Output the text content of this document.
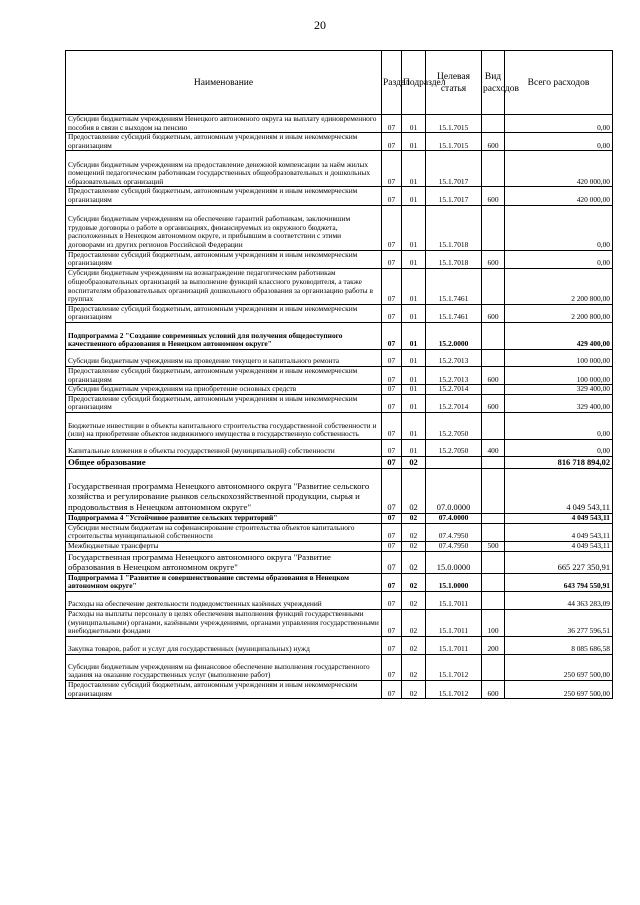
20
Наименование	Раздел	Подраздел	Целевая статья	Вид расходов	Всего расходов
Субсидии бюджетным учреждениям Ненецкого автономного округа на выплату единовременного пособия в связи с выходом на пенсию	07	01	15.1.7015		0,00
Предоставление субсидий бюджетным, автономным учреждениям и иным некоммерческим организациям	07	01	15.1.7015	600	0,00
Субсидии бюджетным учреждениям на предоставление денежной компенсации за наём жилых помещений педагогическим работникам государственных общеобразовательных и дошкольных образовательных организаций	07	01	15.1.7017		420 000,00
Предоставление субсидий бюджетным, автономным учреждениям и иным некоммерческим организациям	07	01	15.1.7017	600	420 000,00
Субсидии бюджетным учреждениям на обеспечение гарантий работникам, заключившим трудовые договоры о работе в организациях, финансируемых из окружного бюджета, расположенных в Ненецком автономном округе, и прибывшим в соответствии с этими договорами из других регионов Российской Федерации	07	01	15.1.7018		0,00
Предоставление субсидий бюджетным, автономным учреждениям и иным некоммерческим организациям	07	01	15.1.7018	600	0,00
Субсидии бюджетным учреждениям на вознаграждение педагогическим работникам общеобразовательных организаций за выполнение функций классного руководителя, а также воспитателям образовательных организаций дошкольного образования за организацию работы в группах	07	01	15.1.7461		2 200 800,00
Предоставление субсидий бюджетным, автономным учреждениям и иным некоммерческим организациям	07	01	15.1.7461	600	2 200 800,00
Подпрограмма 2 "Создание современных условий для получения общедоступного качественного образования в Ненецком автономном округе"	07	01	15.2.0000		429 400,00
Субсидии бюджетным учреждениям на проведение текущего и капитального ремонта	07	01	15.2.7013		100 000,00
Предоставление субсидий бюджетным, автономным учреждениям и иным некоммерческим организациям	07	01	15.2.7013	600	100 000,00
Субсидии бюджетным учреждениям на приобретение основных средств	07	01	15.2.7014		329 400,00
Предоставление субсидий бюджетным, автономным учреждениям и иным некоммерческим организациям	07	01	15.2.7014	600	329 400,00
Бюджетные инвестиции в объекты капитального строительства государственной собственности и (или) на приобретение объектов недвижимого имущества в государственную собственность	07	01	15.2.7050		0,00
Капитальные вложения в объекты государственной (муниципальной) собственности	07	01	15.2.7050	400	0,00
Общее образование	07	02			816 718 894,02
Государственная программа Ненецкого автономного округа "Развитие сельского хозяйства и регулирование рынков сельскохозяйственной продукции, сырья и продовольствия в Ненецком автономном округе"	07	02	07.0.0000		4 049 543,11
Подпрограмма 4 "Устойчивое развитие сельских территорий"	07	02	07.4.0000		4 049 543,11
Субсидии местным бюджетам на софинансирование строительства объектов капитального строительства муниципальной собственности	07	02	07.4.7950		4 049 543,11
Межбюджетные трансферты	07	02	07.4.7950	500	4 049 543,11
Государственная программа Ненецкого автономного округа "Развитие образования в Ненецком автономном округе"	07	02	15.0.0000		665 227 350,91
Подпрограмма 1 "Развитие и совершенствование системы образования в Ненецком автономном округе"	07	02	15.1.0000		643 794 550,91
Расходы на обеспечение деятельности подведомственных казённых учреждений	07	02	15.1.7011		44 363 283,09
Расходы на выплаты персоналу в целях обеспечения выполнения функций государственными (муниципальными) органами, казёнными учреждениями, органами управления государственными внебюджетными фондами	07	02	15.1.7011	100	36 277 596,51
Закупка товаров, работ и услуг для государственных (муниципальных) нужд	07	02	15.1.7011	200	8 085 686,58
Субсидии бюджетным учреждениям на финансовое обеспечение выполнения государственного задания на оказание государственных услуг (выполнение работ)	07	02	15.1.7012		250 697 500,00
Предоставление субсидий бюджетным, автономным учреждениям и иным некоммерческим организациям	07	02	15.1.7012	600	250 697 500,00
